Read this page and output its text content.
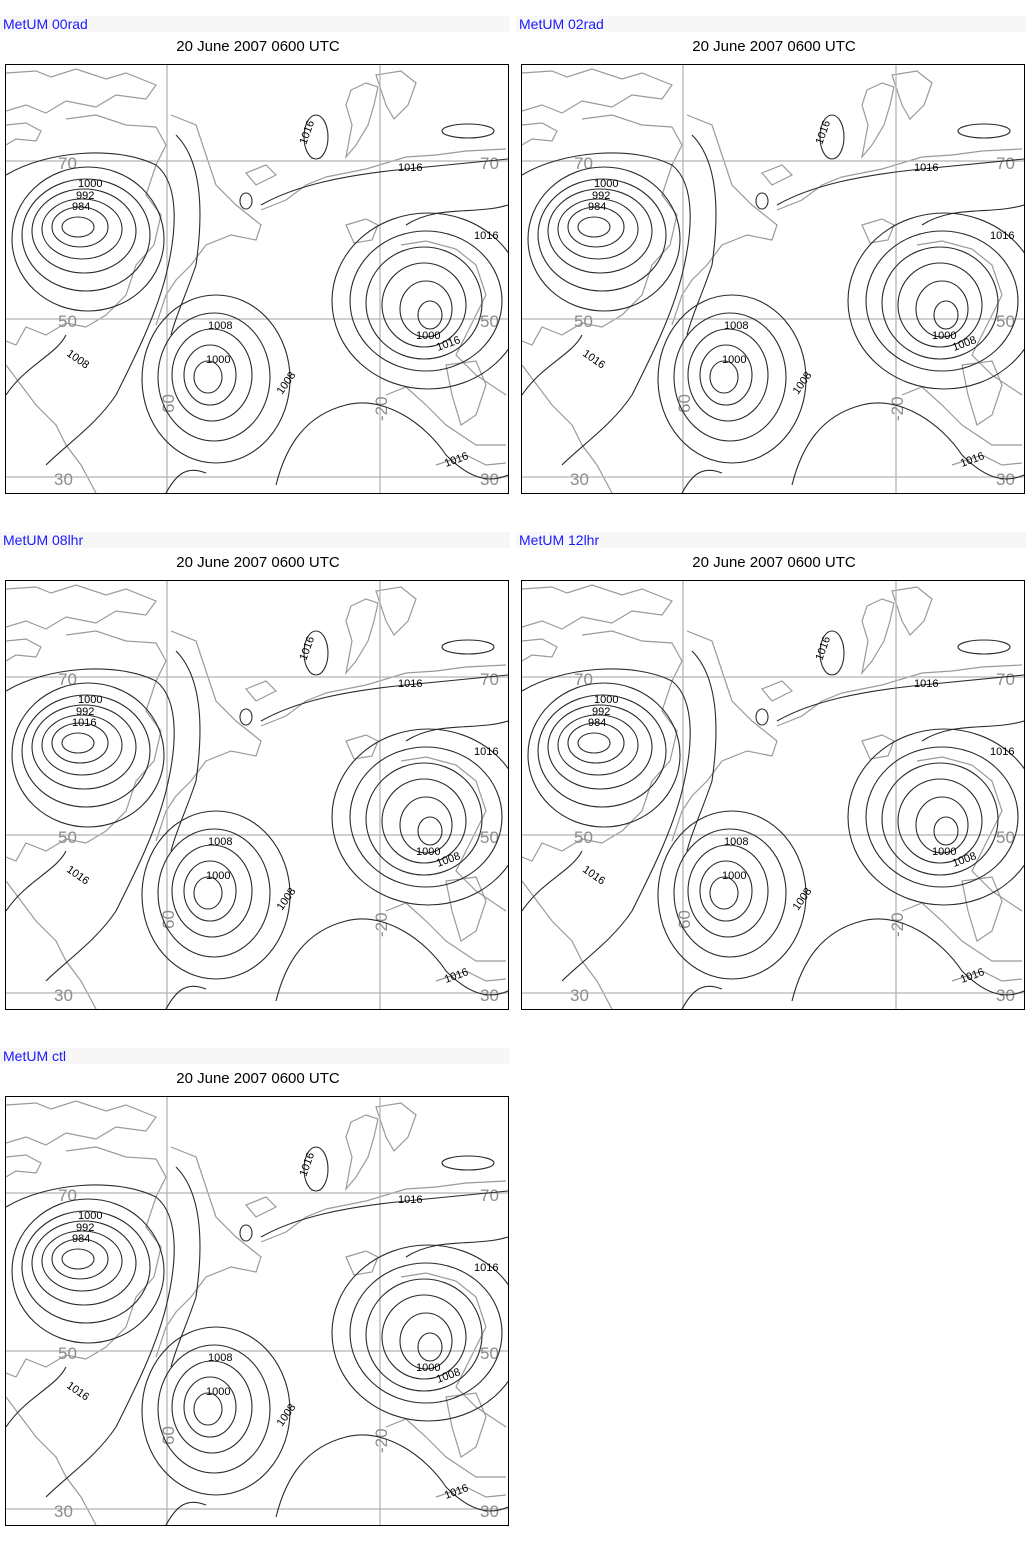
MetUM 00rad
20 June 2007 0600 UTC
70
50
30	30
50
70
60	-20
1000
992
984
1016
1016
1016
1008
1000
1008
1016
1000
1008
1016
MetUM 02rad
20 June 2007 0600 UTC
70
50
30	30
50
70
60	-20
1000
992
984
1016
1016
1016
1008
1000
1016
1008
1000
1008
1016
MetUM 08lhr
20 June 2007 0600 UTC
70
50
30	30
50
70
60	-20
1000
992
1016
1016
1016
1016
1008
1000
1016
1008
1000
1008
1016
MetUM 12lhr
20 June 2007 0600 UTC
70
50
30	30
50
70
60	-20
1000
992
984
1016
1016
1016
1008
1000
1016
1008
1000
1008
1016
MetUM ctl
20 June 2007 0600 UTC
70
50
30	30
50
70
60	-20
1000
992
984
1016
1016
1016
1008
1000
1016
1008
1000
1008
1016
